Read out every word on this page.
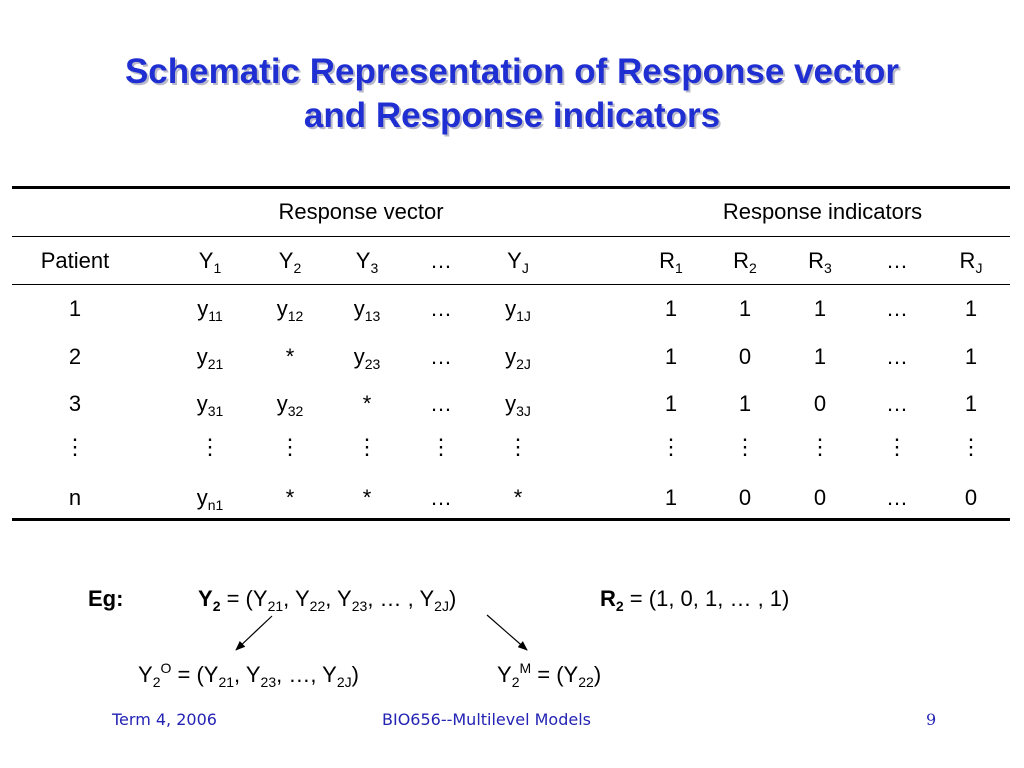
Schematic Representation of Response vector
and Response indicators
Response vector	Response indicators
Patient	$Y_1$	$Y_2$	$Y_3$	…	$Y_J$	$R_1$	$R_2$	$R_3$	…	$R_J$
1	$y_{11}$	$y_{12}$	$y_{13}$	…	$y_{1J}$	1	1	1	…	1
2	$y_{21}$	*	$y_{23}$	…	$y_{2J}$	1	0	1	…	1
3	$y_{31}$	$y_{32}$	*	…	$y_{3J}$	1	1	0	…	1
⋮	⋮	⋮	⋮	⋮	⋮	⋮	⋮	⋮	⋮	⋮
n	$y_{n1}$	*	*	…	*	1	0	0	…	0
Eg:	$Y_2 = (Y_{21}$, $Y_{22}$, $Y_{23}$, … , $Y_{2J}$)	$R_2 = (1$, 0, 1, … , 1)
$Y_2^O = (Y_{21}$, $Y_{23}$, …, $Y_{2J}$)	$Y_2^M = (Y_{22})$
Term 4, 2006	BIO656--Multilevel Models	9
